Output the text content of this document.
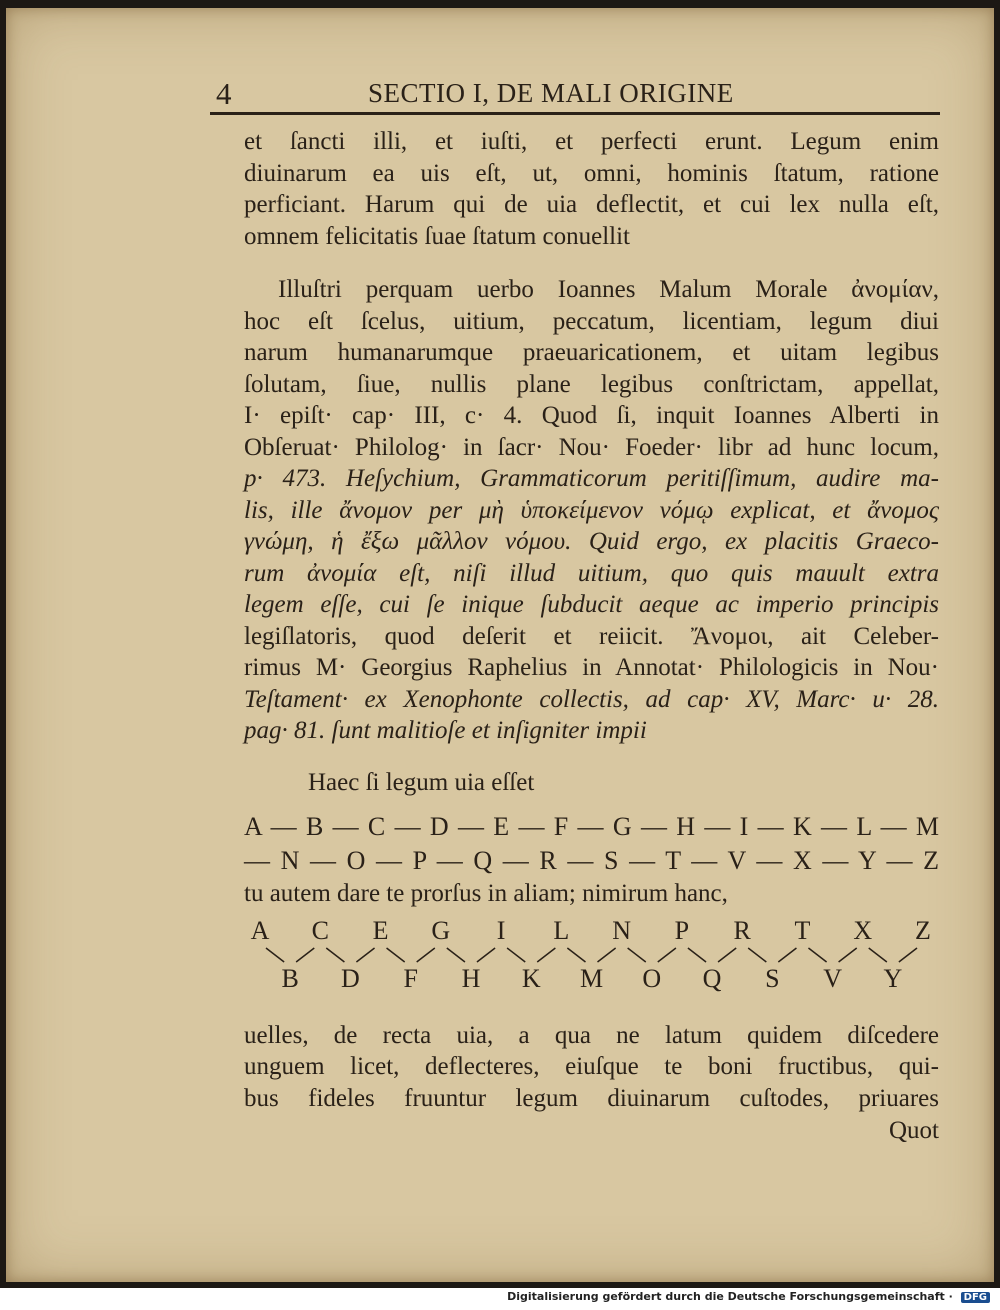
4	SECTIO I, DE MALI ORIGINE
et ſancti illi, et iuſti, et perfecti erunt. Legum enim
diuinarum ea uis eſt, ut, omni, hominis ſtatum, ratione
perficiant. Harum qui de uia deflectit, et cui lex nulla eſt,
omnem felicitatis ſuae ſtatum conuellit
Illuſtri perquam uerbo Ioannes Malum Morale ἀνομίαν,
hoc eſt ſcelus, uitium, peccatum, licentiam, legum diui
narum humanarumque praeuaricationem, et uitam legibus
ſolutam, ſiue, nullis plane legibus conſtrictam, appellat,
I· epiſt· cap· III, c· 4. Quod ſi, inquit Ioannes Alberti in
Obſeruat· Philolog· in ſacr· Nou· Foeder· libr ad hunc locum,
p· 473. Heſychium, Grammaticorum peritiſſimum, audire ma-
lis, ille ἄνομον per μὴ ὑποκείμενον νόμῳ explicat, et ἄνομος
γνώμη, ἡ ἔξω μᾶλλον νόμου. Quid ergo, ex placitis Graeco-
rum ἀνομία eſt, niſi illud uitium, quo quis mauult extra
legem eſſe, cui ſe inique ſubducit aeque ac imperio principis
legiſlatoris, quod deſerit et reiicit. Ἄνομοι, ait Celeber-
rimus M· Georgius Raphelius in Annotat· Philologicis in Nou·
Teſtament· ex Xenophonte collectis, ad cap· XV, Marc· u· 28.
pag· 81. ſunt malitioſe et inſigniter impii
Haec ſi legum uia eſſet
A — B — C — D — E — F — G — H — I — K — L — M
— N — O — P — Q — R — S — T — V — X — Y — Z
tu autem dare te prorſus in aliam; nimirum hanc,
A C E G I L N P R T X Z
B D F H K M O Q S V Y
uelles, de recta uia, a qua ne latum quidem diſcedere
unguem licet, deflecteres, eiuſque te boni fructibus, qui-
bus fideles fruuntur legum diuinarum cuſtodes, priuares
Quot
Digitalisierung gefördert durch die Deutsche Forschungsgemeinschaft · DFG
